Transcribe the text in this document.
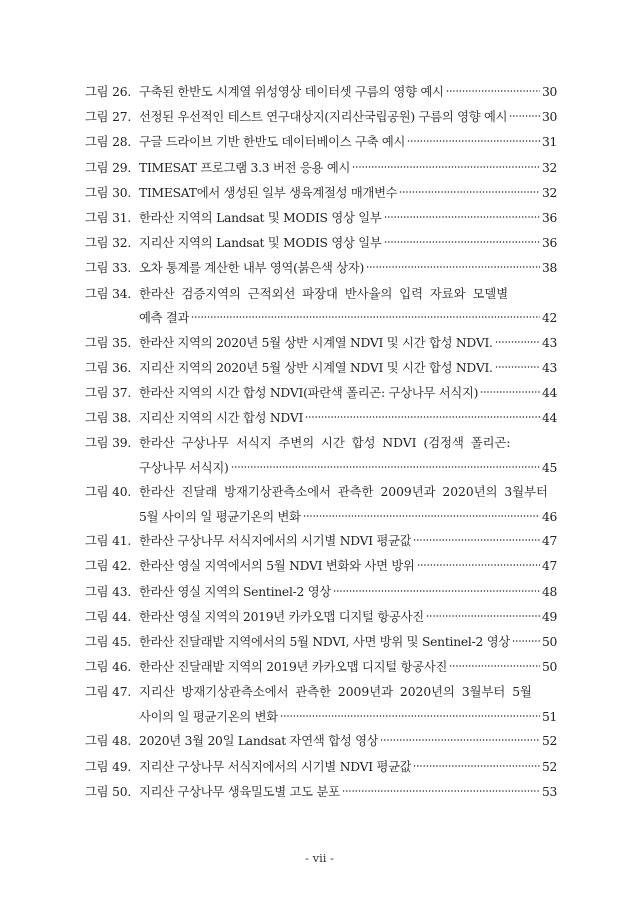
그림 26. 구축된 한반도 시계열 위성영상 데이터셋 구름의 영향 예시	30
그림 27. 선정된 우선적인 테스트 연구대상지(지리산국립공원) 구름의 영향 예시	30
그림 28. 구글 드라이브 기반 한반도 데이터베이스 구축 예시	31
그림 29. TIMESAT 프로그램 3.3 버전 응용 예시	32
그림 30. TIMESAT에서 생성된 일부 생육계절성 매개변수	32
그림 31. 한라산 지역의 Landsat 및 MODIS 영상 일부	36
그림 32. 지리산 지역의 Landsat 및 MODIS 영상 일부	36
그림 33. 오차 통계를 계산한 내부 영역(붉은색 상자)	38
그림 34. 한라산 검증지역의 근적외선 파장대 반사율의 입력 자료와 모델별
예측 결과	42
그림 35. 한라산 지역의 2020년 5월 상반 시계열 NDVI 및 시간 합성 NDVI.	43
그림 36. 지리산 지역의 2020년 5월 상반 시계열 NDVI 및 시간 합성 NDVI.	43
그림 37. 한라산 지역의 시간 합성 NDVI(파란색 폴리곤: 구상나무 서식지)	44
그림 38. 지리산 지역의 시간 합성 NDVI	44
그림 39. 한라산 구상나무 서식지 주변의 시간 합성 NDVI (검정색 폴리곤:
구상나무 서식지)	45
그림 40. 한라산 진달래 방재기상관측소에서 관측한 2009년과 2020년의 3월부터
5월 사이의 일 평균기온의 변화	46
그림 41. 한라산 구상나무 서식지에서의 시기별 NDVI 평균값	47
그림 42. 한라산 영실 지역에서의 5월 NDVI 변화와 사면 방위	47
그림 43. 한라산 영실 지역의 Sentinel-2 영상	48
그림 44. 한라산 영실 지역의 2019년 카카오맵 디지털 항공사진	49
그림 45. 한라산 진달래밭 지역에서의 5월 NDVI, 사면 방위 및 Sentinel-2 영상	50
그림 46. 한라산 진달래밭 지역의 2019년 카카오맵 디지털 항공사진	50
그림 47. 지리산 방재기상관측소에서 관측한 2009년과 2020년의 3월부터 5월
사이의 일 평균기온의 변화	51
그림 48. 2020년 3월 20일 Landsat 자연색 합성 영상	52
그림 49. 지리산 구상나무 서식지에서의 시기별 NDVI 평균값	52
그림 50. 지리산 구상나무 생육밀도별 고도 분포	53
- vii -
